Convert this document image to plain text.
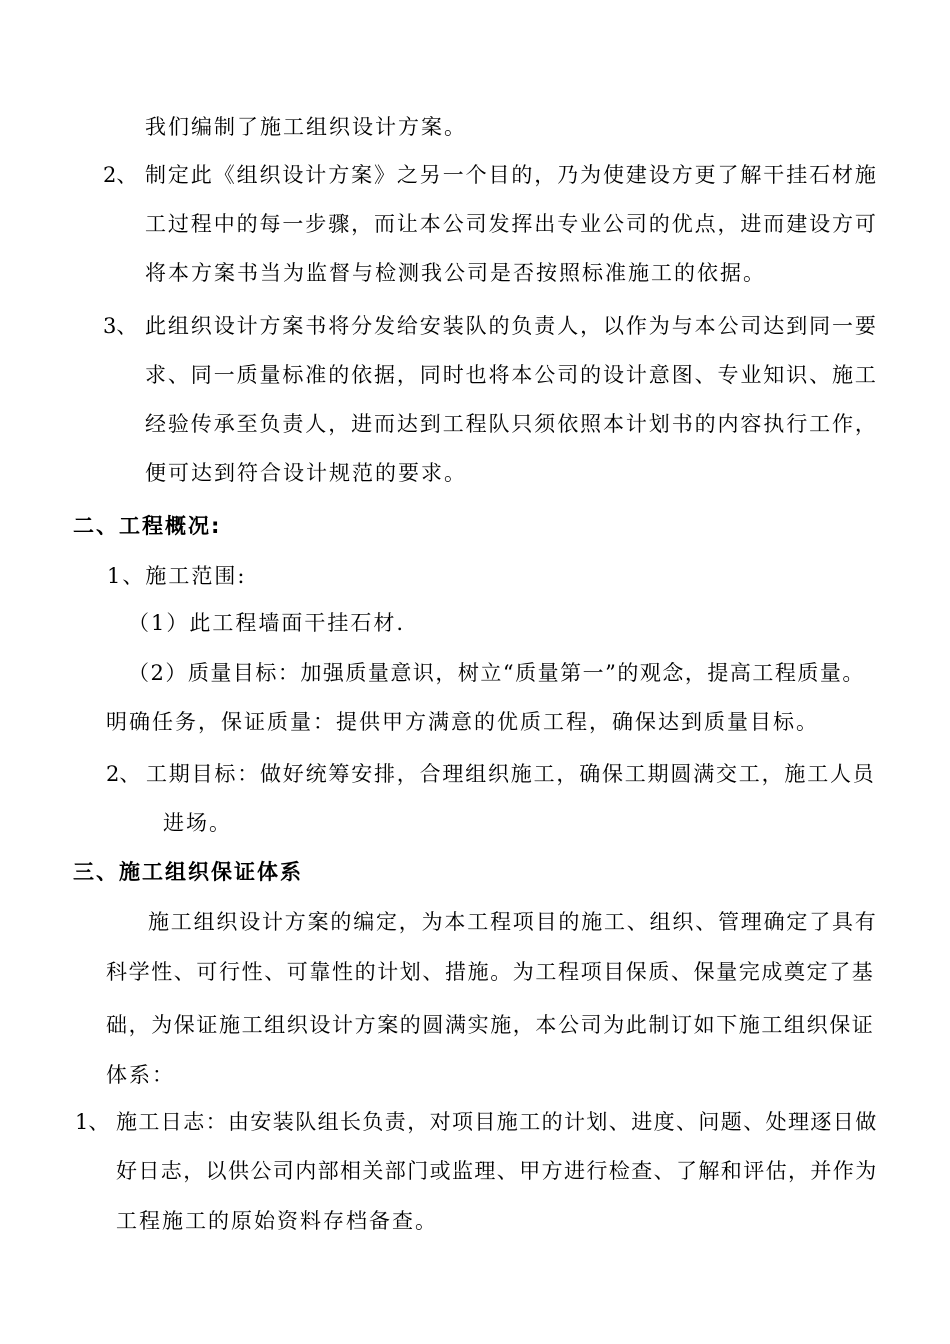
我们编制了施工组织设计方案。
2、 制定此《组织设计方案》之另一个目的，乃为使建设方更了解干挂石材施
工过程中的每一步骤，而让本公司发挥出专业公司的优点，进而建设方可
将本方案书当为监督与检测我公司是否按照标准施工的依据。
3、 此组织设计方案书将分发给安装队的负责人，以作为与本公司达到同一要
求、同一质量标准的依据，同时也将本公司的设计意图、专业知识、施工
经验传承至负责人，进而达到工程队只须依照本计划书的内容执行工作，
便可达到符合设计规范的要求。
二、工程概况:
1、施工范围:
（1）此工程墙面干挂石材.
（2）质量目标：加强质量意识，树立“质量第一”的观念，提高工程质量。
明确任务，保证质量：提供甲方满意的优质工程，确保达到质量目标。
2、 工期目标：做好统筹安排，合理组织施工，确保工期圆满交工，施工人员
进场。
三、施工组织保证体系
施工组织设计方案的编定，为本工程项目的施工、组织、管理确定了具有
科学性、可行性、可靠性的计划、措施。为工程项目保质、保量完成奠定了基
础，为保证施工组织设计方案的圆满实施，本公司为此制订如下施工组织保证
体系：
1、 施工日志：由安装队组长负责，对项目施工的计划、进度、问题、处理逐日做
好日志，以供公司内部相关部门或监理、甲方进行检查、了解和评估，并作为
工程施工的原始资料存档备查。
